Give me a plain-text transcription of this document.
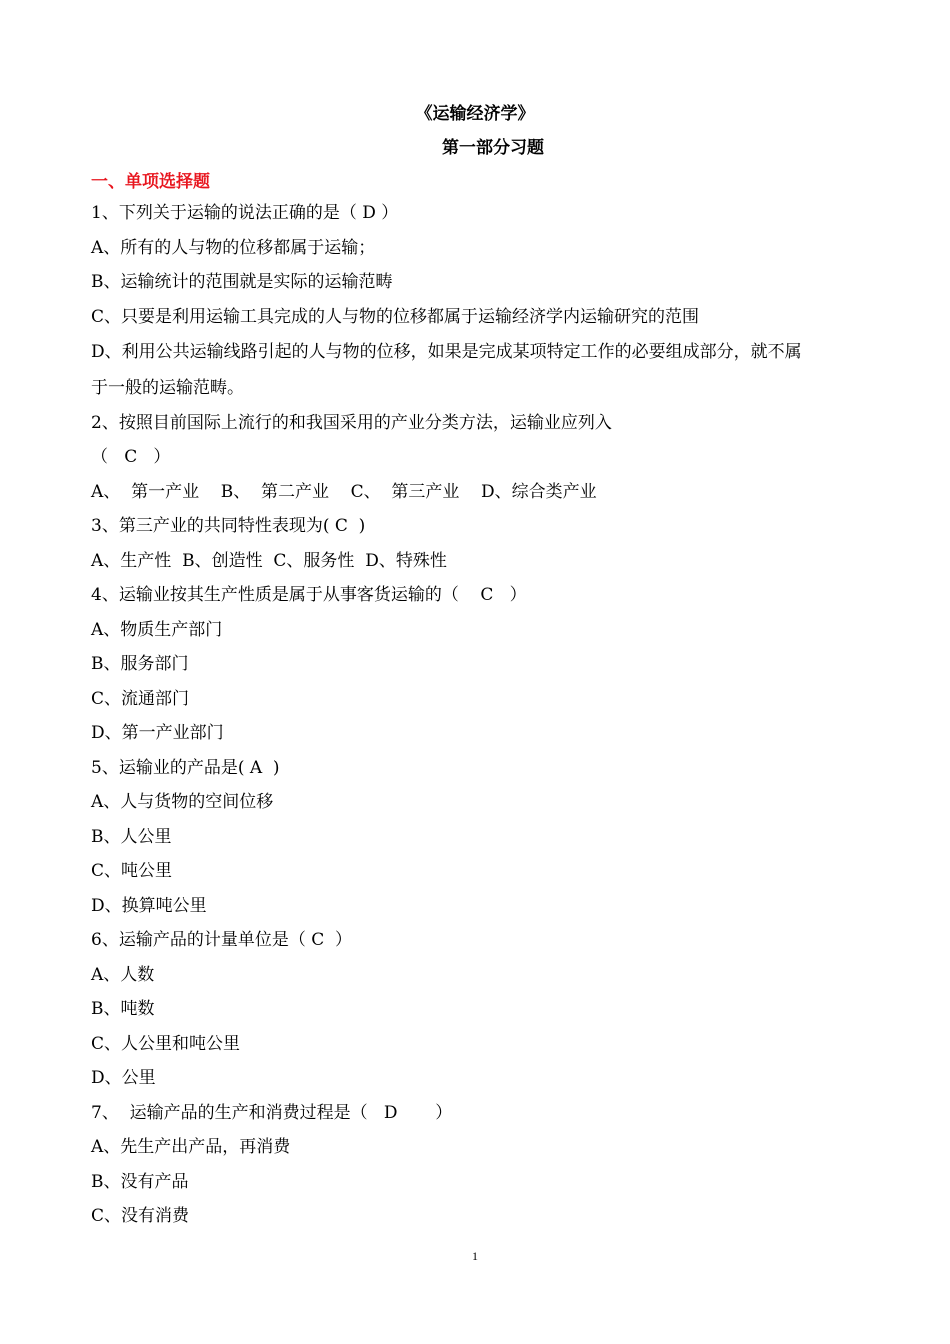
《运输经济学》
第一部分习题
一、单项选择题
1、下列关于运输的说法正确的是（ D ）
A、所有的人与物的位移都属于运输；
B、运输统计的范围就是实际的运输范畴
C、只要是利用运输工具完成的人与物的位移都属于运输经济学内运输研究的范围
D、利用公共运输线路引起的人与物的位移，如果是完成某项特定工作的必要组成部分，就不属
于一般的运输范畴。
2、按照目前国际上流行的和我国采用的产业分类方法，运输业应列入
（   C   ）
A、  第一产业    B、  第二产业    C、  第三产业    D、综合类产业
3、第三产业的共同特性表现为( C  )
A、生产性  B、创造性  C、服务性  D、特殊性
4、运输业按其生产性质是属于从事客货运输的（    C   ）
A、物质生产部门
B、服务部门
C、流通部门
D、第一产业部门
5、运输业的产品是( A  )
A、人与货物的空间位移
B、人公里
C、吨公里
D、换算吨公里
6、运输产品的计量单位是（ C  ）
A、人数
B、吨数
C、人公里和吨公里
D、公里
7、  运输产品的生产和消费过程是（   D       ）
A、先生产出产品，再消费
B、没有产品
C、没有消费
1
